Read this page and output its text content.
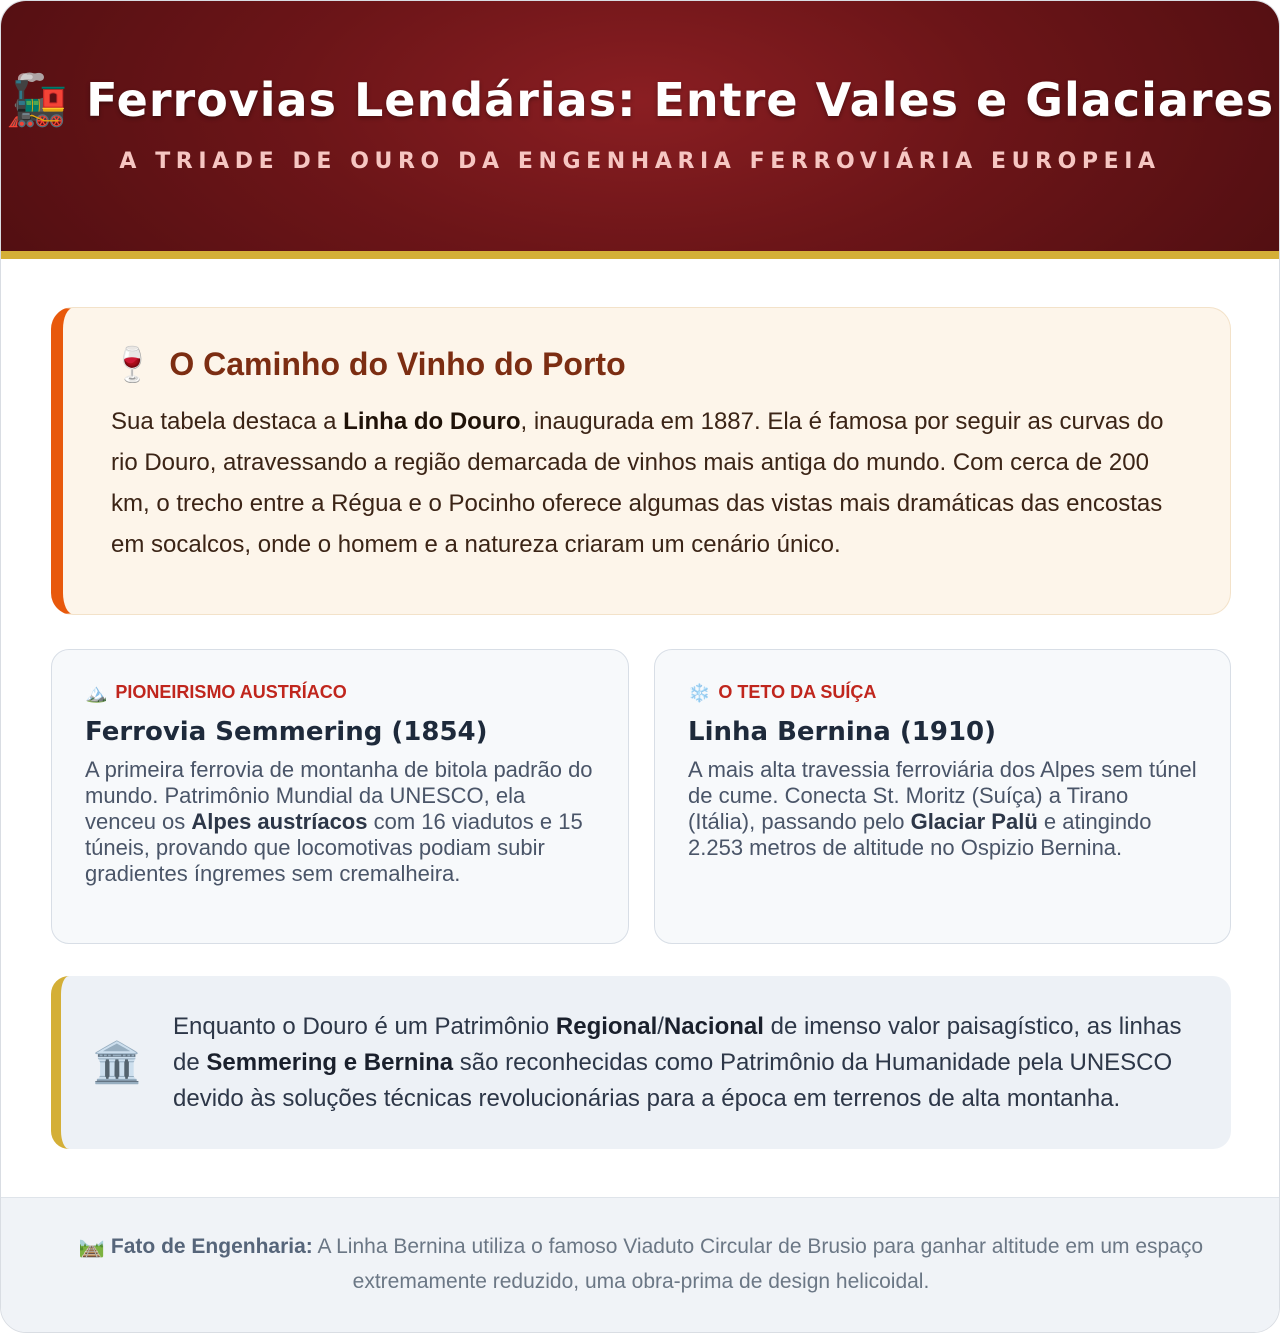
🚂 Ferrovias Lendárias: Entre Vales e Glaciares
A TRIADE DE OURO DA ENGENHARIA FERROVIÁRIA EUROPEIA
🍷 O Caminho do Vinho do Porto

Sua tabela destaca a Linha do Douro, inaugurada em 1887. Ela é famosa por seguir as curvas do rio Douro, atravessando a região demarcada de vinhos mais antiga do mundo. Com cerca de 200 km, o trecho entre a Régua e o Pocinho oferece algumas das vistas mais dramáticas das encostas em socalcos, onde o homem e a natureza criaram um cenário único.

🏔️ PIONEIRISMO AUSTRÍACO
Ferrovia Semmering (1854)

A primeira ferrovia de montanha de bitola padrão do mundo. Patrimônio Mundial da UNESCO, ela venceu os Alpes austríacos com 16 viadutos e 15 túneis, provando que locomotivas podiam subir gradientes íngremes sem cremalheira.

❄️ O TETO DA SUÍÇA
Linha Bernina (1910)

A mais alta travessia ferroviária dos Alpes sem túnel de cume. Conecta St. Moritz (Suíça) a Tirano (Itália), passando pelo Glaciar Palü e atingindo 2.253 metros de altitude no Ospizio Bernina.

🏛️

Enquanto o Douro é um Patrimônio Regional/Nacional de imenso valor paisagístico, as linhas de Semmering e Bernina são reconhecidas como Patrimônio da Humanidade pela UNESCO devido às soluções técnicas revolucionárias para a época em terrenos de alta montanha.

🛤️ Fato de Engenharia: A Linha Bernina utiliza o famoso Viaduto Circular de Brusio para ganhar altitude em um espaço extremamente reduzido, uma obra-prima de design helicoidal.
